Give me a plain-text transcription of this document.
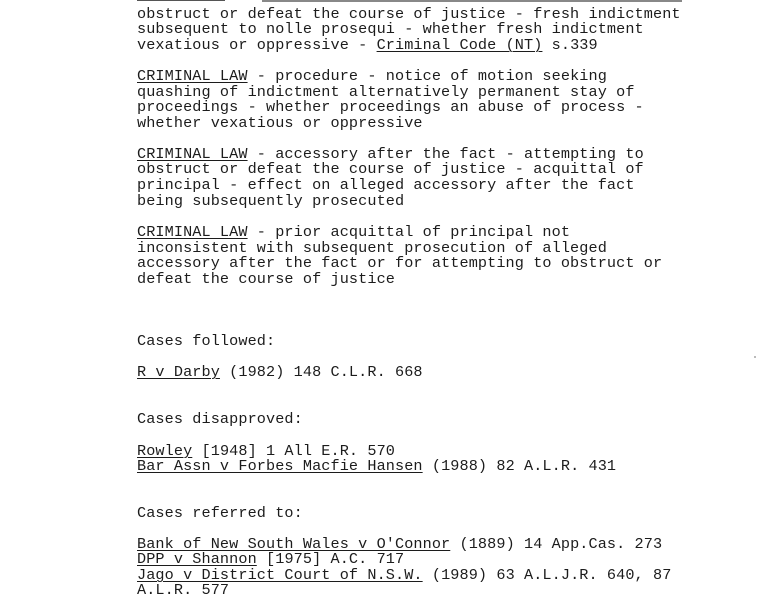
obstruct or defeat the course of justice - fresh indictment

subsequent to nolle prosequi - whether fresh indictment

vexatious or oppressive - Criminal Code (NT) s.339

CRIMINAL LAW - procedure - notice of motion seeking

quashing of indictment alternatively permanent stay of

proceedings - whether proceedings an abuse of process -

whether vexatious or oppressive

CRIMINAL LAW - accessory after the fact - attempting to

obstruct or defeat the course of justice - acquittal of

principal - effect on alleged accessory after the fact

being subsequently prosecuted

CRIMINAL LAW - prior acquittal of principal not

inconsistent with subsequent prosecution of alleged

accessory after the fact or for attempting to obstruct or

defeat the course of justice

Cases followed:

R v Darby (1982) 148 C.L.R. 668

Cases disapproved:

Rowley [1948] 1 All E.R. 570

Bar Assn v Forbes Macfie Hansen (1988) 82 A.L.R. 431

Cases referred to:

Bank of New South Wales v O'Connor (1889) 14 App.Cas. 273

DPP v Shannon [1975] A.C. 717

Jago v District Court of N.S.W. (1989) 63 A.L.J.R. 640, 87

A.L.R. 577
